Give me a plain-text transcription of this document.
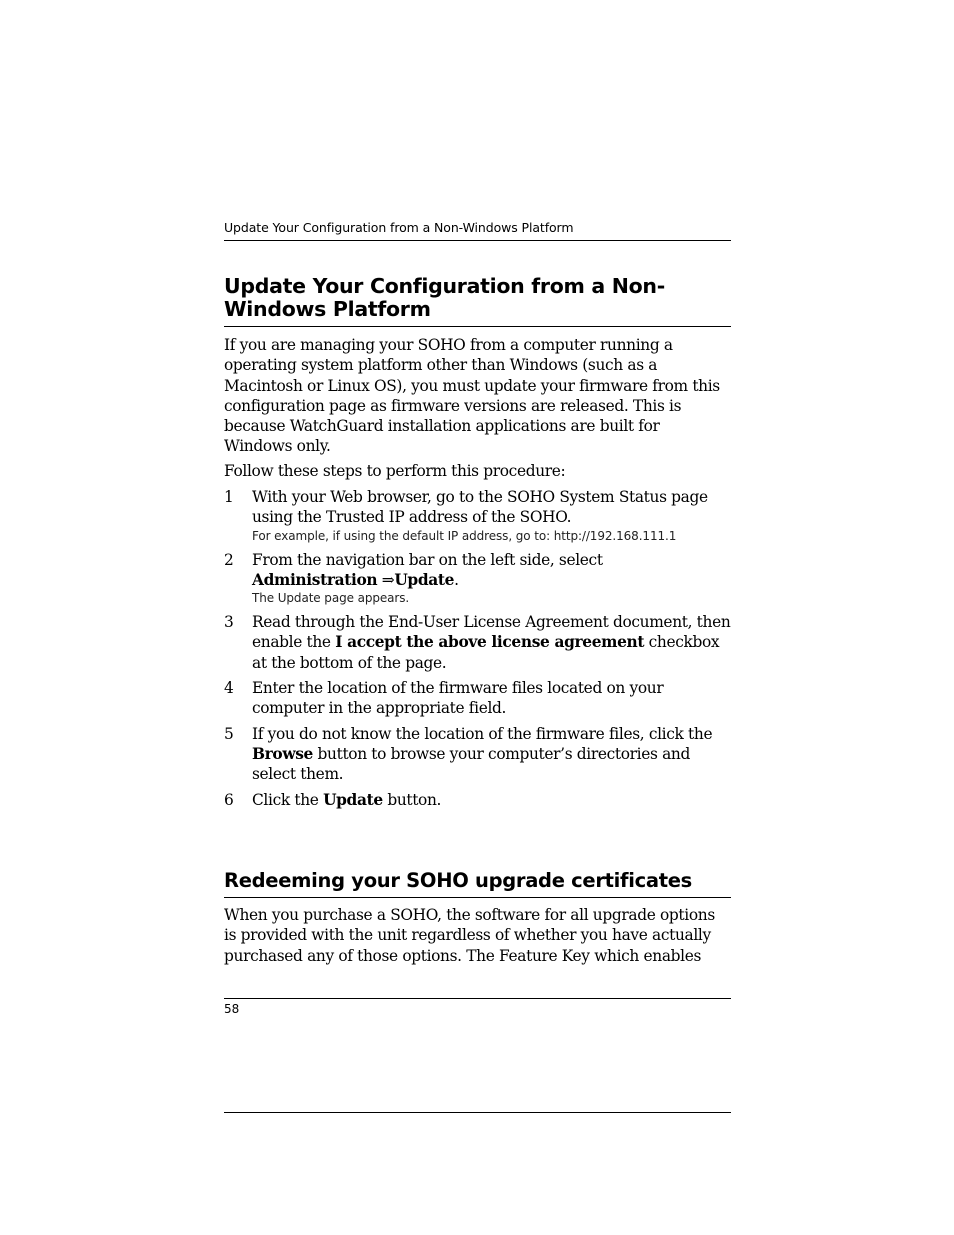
Update Your Configuration from a Non-Windows Platform
Update Your Configuration from a Non-Windows Platform
If you are managing your SOHO from a computer running a operating system platform other than Windows (such as a Macintosh or Linux OS), you must update your firmware from this configuration page as firmware versions are released. This is because WatchGuard installation applications are built for Windows only.
Follow these steps to perform this procedure:
1 With your Web browser, go to the SOHO System Status page using the Trusted IP address of the SOHO.
For example, if using the default IP address, go to: http://192.168.111.1
2 From the navigation bar on the left side, select Administration ⇒Update.
The Update page appears.
3 Read through the End-User License Agreement document, then enable the I accept the above license agreement checkbox at the bottom of the page.
4 Enter the location of the firmware files located on your computer in the appropriate field.
5 If you do not know the location of the firmware files, click the Browse button to browse your computer’s directories and select them.
6 Click the Update button.
Redeeming your SOHO upgrade certificates
When you purchase a SOHO, the software for all upgrade options is provided with the unit regardless of whether you have actually purchased any of those options. The Feature Key which enables
58
